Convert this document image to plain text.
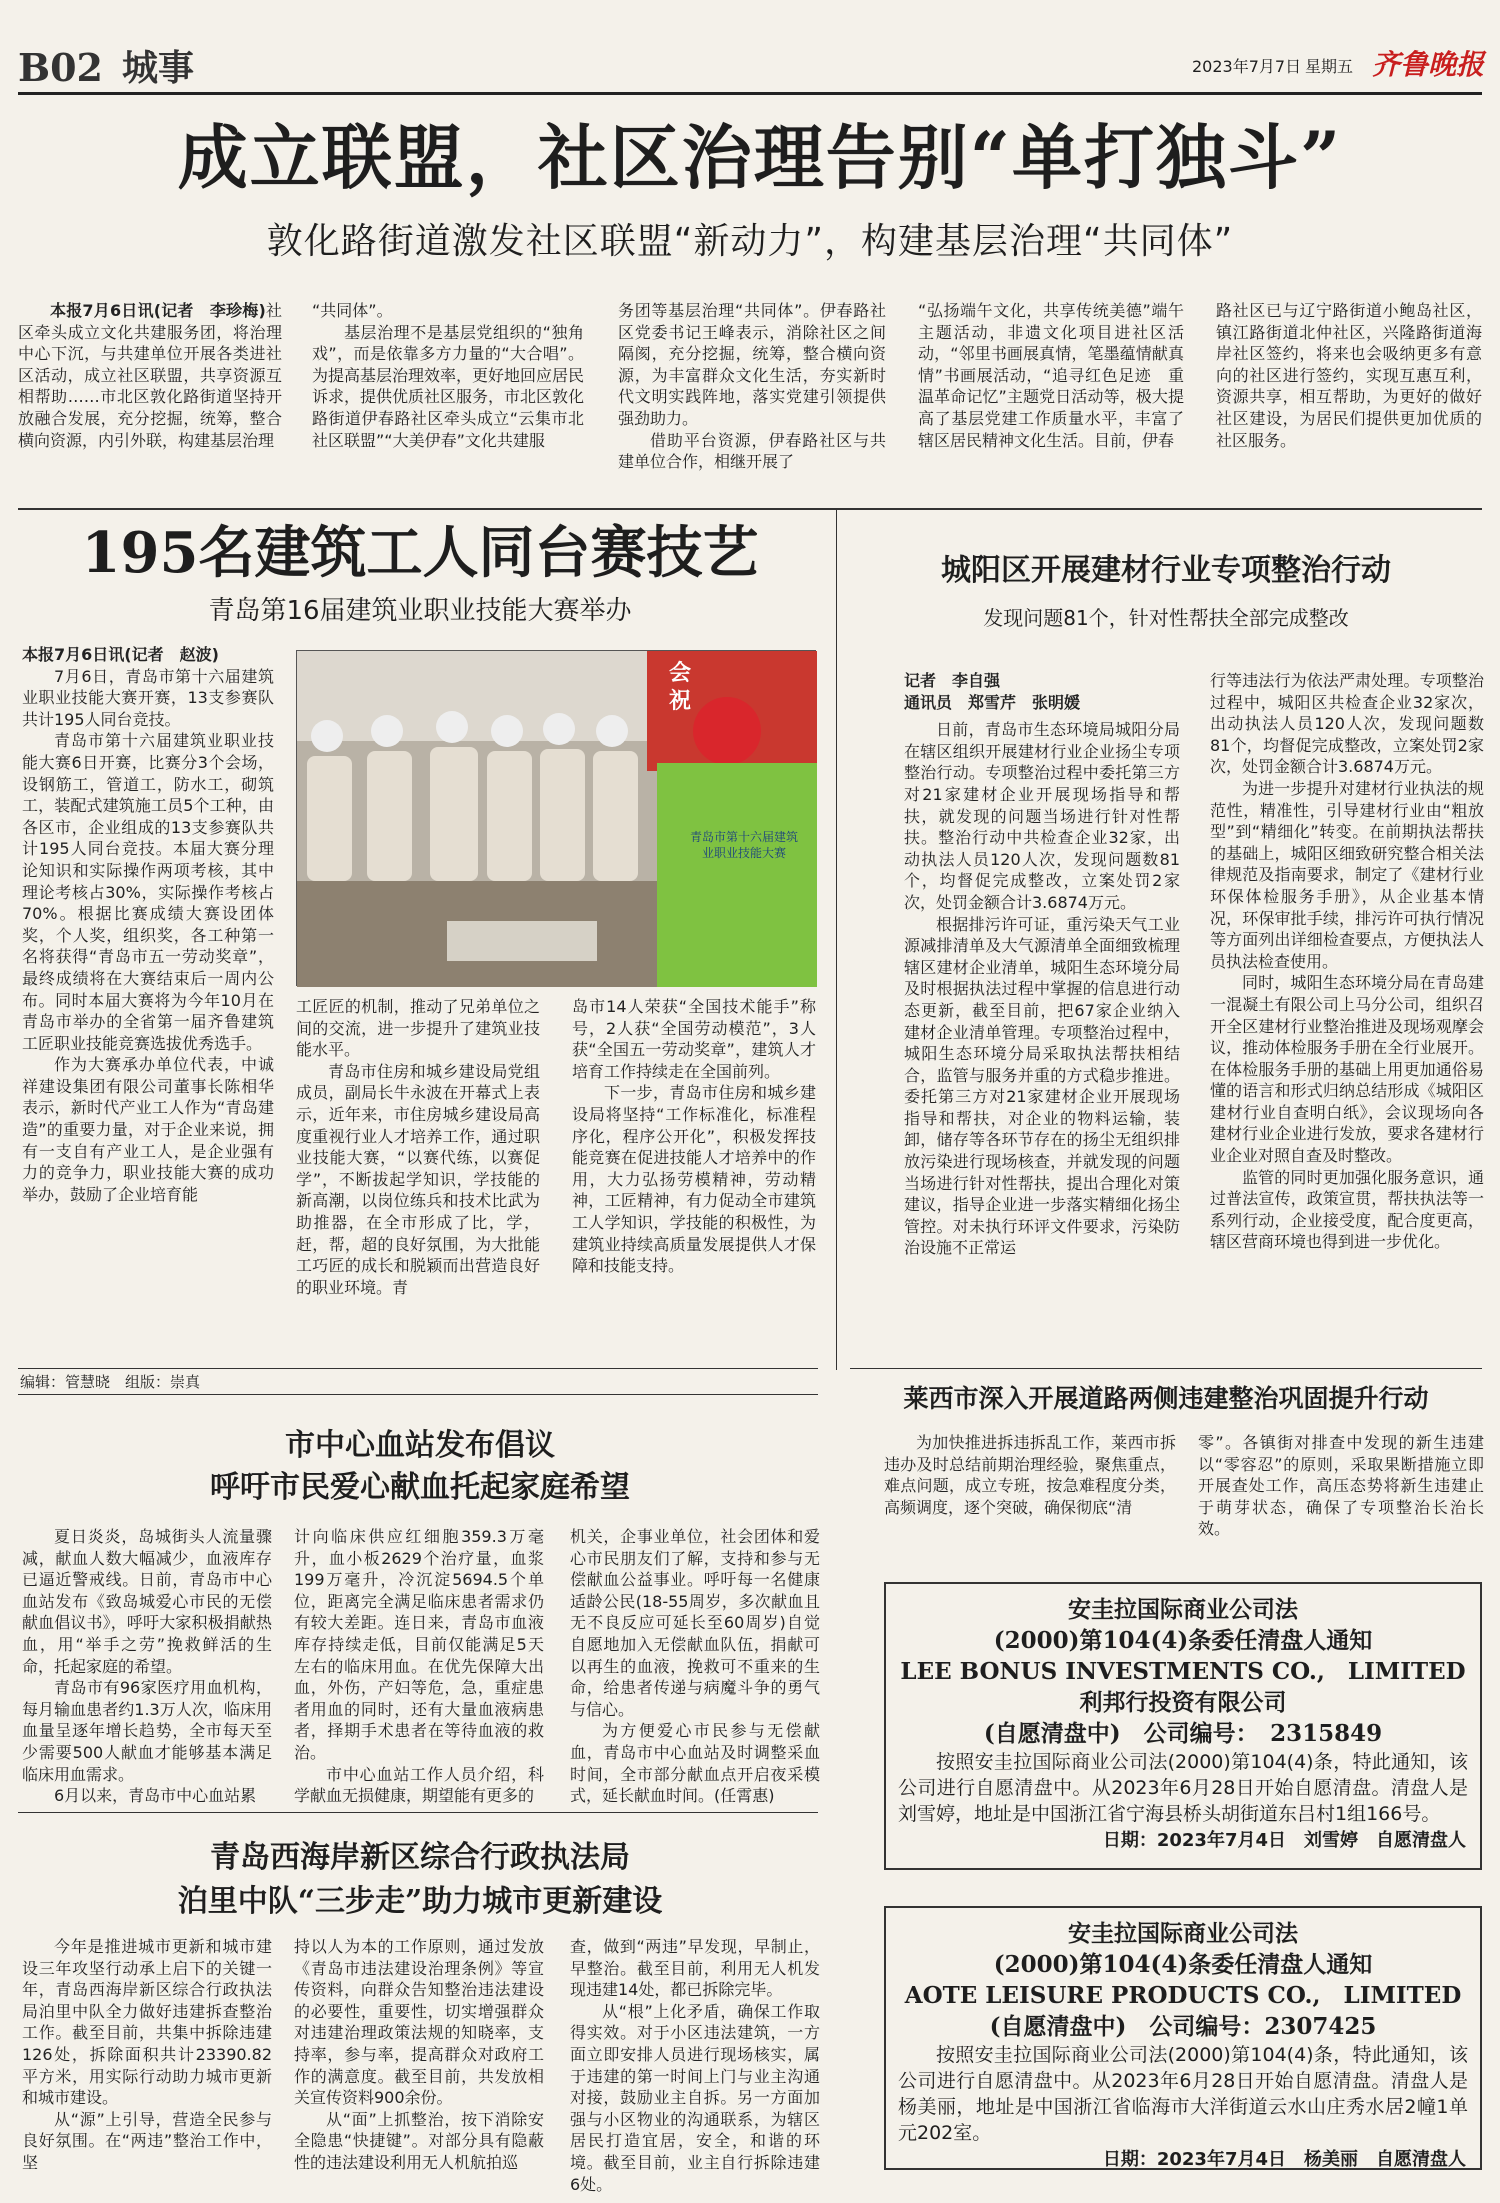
B02 城事	2023年7月7日 星期五 齐鲁晚报
成立联盟，社区治理告别“单打独斗”
敦化路街道激发社区联盟“新动力”，构建基层治理“共同体”

本报7月6日讯(记者　李珍梅)社区牵头成立文化共建服务团，将治理中心下沉，与共建单位开展各类进社区活动，成立社区联盟，共享资源互相帮助……市北区敦化路街道坚持开放融合发展，充分挖掘，统筹，整合横向资源，内引外联，构建基层治理

“共同体”。

基层治理不是基层党组织的“独角戏”，而是依靠多方力量的“大合唱”。为提高基层治理效率，更好地回应居民诉求，提供优质社区服务，市北区敦化路街道伊春路社区牵头成立“云集市北社区联盟”“大美伊春”文化共建服

务团等基层治理“共同体”。伊春路社区党委书记王峰表示，消除社区之间隔阂，充分挖掘，统筹，整合横向资源，为丰富群众文化生活，夯实新时代文明实践阵地，落实党建引领提供强劲助力。

借助平台资源，伊春路社区与共建单位合作，相继开展了

“弘扬端午文化，共享传统美德”端午主题活动，非遗文化项目进社区活动，“邻里书画展真情，笔墨蕴情献真情”书画展活动，“追寻红色足迹　重温革命记忆”主题党日活动等，极大提高了基层党建工作质量水平，丰富了辖区居民精神文化生活。目前，伊春
路社区已与辽宁路街道小鲍岛社区，镇江路街道北仲社区，兴隆路街道海岸社区签约，将来也会吸纳更多有意向的社区进行签约，实现互惠互利，资源共享，相互帮助，为更好的做好社区建设，为居民们提供更加优质的社区服务。
195名建筑工人同台赛技艺
青岛第16届建筑业职业技能大赛举办
本报7月6日讯(记者　赵波)

7月6日，青岛市第十六届建筑业职业技能大赛开赛，13支参赛队共计195人同台竞技。

青岛市第十六届建筑业职业技能大赛6日开赛，比赛分3个会场，设钢筋工，管道工，防水工，砌筑工，装配式建筑施工员5个工种，由各区市，企业组成的13支参赛队共计195人同台竞技。本届大赛分理论知识和实际操作两项考核，其中理论考核占30%，实际操作考核占70%。根据比赛成绩大赛设团体奖，个人奖，组织奖，各工种第一名将获得“青岛市五一劳动奖章”，最终成绩将在大赛结束后一周内公布。同时本届大赛将为今年10月在青岛市举办的全省第一届齐鲁建筑工匠职业技能竞赛选拔优秀选手。

作为大赛承办单位代表，中诚祥建设集团有限公司董事长陈相华表示，新时代产业工人作为“青岛建造”的重要力量，对于企业来说，拥有一支自有产业工人，是企业强有力的竞争力，职业技能大赛的成功举办，鼓励了企业培育能

会　祝
青岛市第十六届建筑业职业技能大赛
工匠匠的机制，推动了兄弟单位之间的交流，进一步提升了建筑业技能水平。

青岛市住房和城乡建设局党组成员，副局长牛永波在开幕式上表示，近年来，市住房城乡建设局高度重视行业人才培养工作，通过职业技能大赛，“以赛代练，以赛促学”，不断拔起学知识，学技能的新高潮，以岗位练兵和技术比武为助推器，在全市形成了比，学，赶，帮，超的良好氛围，为大批能工巧匠的成长和脱颖而出营造良好的职业环境。青

岛市14人荣获“全国技术能手”称号，2人获“全国劳动模范”，3人获“全国五一劳动奖章”，建筑人才培育工作持续走在全国前列。

下一步，青岛市住房和城乡建设局将坚持“工作标准化，标准程序化，程序公开化”，积极发挥技能竞赛在促进技能人才培养中的作用，大力弘扬劳模精神，劳动精神，工匠精神，有力促动全市建筑工人学知识，学技能的积极性，为建筑业持续高质量发展提供人才保障和技能支持。

编辑：管慧晓　组版：崇真
城阳区开展建材行业专项整治行动
发现问题81个，针对性帮扶全部完成整改
记者　李自强
通讯员　郑雪芹　张明媛

日前，青岛市生态环境局城阳分局在辖区组织开展建材行业企业扬尘专项整治行动。专项整治过程中委托第三方对21家建材企业开展现场指导和帮扶，就发现的问题当场进行针对性帮扶。整治行动中共检查企业32家，出动执法人员120人次，发现问题数81个，均督促完成整改，立案处罚2家次，处罚金额合计3.6874万元。

根据排污许可证，重污染天气工业源减排清单及大气源清单全面细致梳理辖区建材企业清单，城阳生态环境分局及时根据执法过程中掌握的信息进行动态更新，截至目前，把67家企业纳入建材企业清单管理。专项整治过程中，城阳生态环境分局采取执法帮扶相结合，监管与服务并重的方式稳步推进。委托第三方对21家建材企业开展现场指导和帮扶，对企业的物料运输，装卸，储存等各环节存在的扬尘无组织排放污染进行现场核查，并就发现的问题当场进行针对性帮扶，提出合理化对策建议，指导企业进一步落实精细化扬尘管控。对未执行环评文件要求，污染防治设施不正常运

行等违法行为依法严肃处理。专项整治过程中，城阳区共检查企业32家次，出动执法人员120人次，发现问题数81个，均督促完成整改，立案处罚2家次，处罚金额合计3.6874万元。

为进一步提升对建材行业执法的规范性，精准性，引导建材行业由“粗放型”到“精细化”转变。在前期执法帮扶的基础上，城阳区细致研究整合相关法律规范及指南要求，制定了《建材行业环保体检服务手册》，从企业基本情况，环保审批手续，排污许可执行情况等方面列出详细检查要点，方便执法人员执法检查使用。

同时，城阳生态环境分局在青岛建一混凝土有限公司上马分公司，组织召开全区建材行业整治推进及现场观摩会议，推动体检服务手册在全行业展开。在体检服务手册的基础上用更加通俗易懂的语言和形式归纳总结形成《城阳区建材行业自查明白纸》，会议现场向各建材行业企业进行发放，要求各建材行业企业对照自查及时整改。

监管的同时更加强化服务意识，通过普法宣传，政策宣贯，帮扶执法等一系列行动，企业接受度，配合度更高，辖区营商环境也得到进一步优化。

莱西市深入开展道路两侧违建整治巩固提升行动

为加快推进拆违拆乱工作，莱西市拆违办及时总结前期治理经验，聚焦重点，难点问题，成立专班，按急难程度分类，高频调度，逐个突破，确保彻底“清

零”。各镇街对排查中发现的新生违建以“零容忍”的原则，采取果断措施立即开展查处工作，高压态势将新生违建止于萌芽状态，确保了专项整治长治长效。
市中心血站发布倡议
呼吁市民爱心献血托起家庭希望

夏日炎炎，岛城街头人流量骤减，献血人数大幅减少，血液库存已逼近警戒线。日前，青岛市中心血站发布《致岛城爱心市民的无偿献血倡议书》，呼吁大家积极捐献热血，用“举手之劳”挽救鲜活的生命，托起家庭的希望。

青岛市有96家医疗用血机构，每月输血患者约1.3万人次，临床用血量呈逐年增长趋势，全市每天至少需要500人献血才能够基本满足临床用血需求。

6月以来，青岛市中心血站累

计向临床供应红细胞359.3万毫升，血小板2629个治疗量，血浆199万毫升，冷沉淀5694.5个单位，距离完全满足临床患者需求仍有较大差距。连日来，青岛市血液库存持续走低，目前仅能满足5天左右的临床用血。在优先保障大出血，外伤，产妇等危，急，重症患者用血的同时，还有大量血液病患者，择期手术患者在等待血液的救治。

市中心血站工作人员介绍，科学献血无损健康，期望能有更多的

机关，企事业单位，社会团体和爱心市民朋友们了解，支持和参与无偿献血公益事业。呼吁每一名健康适龄公民(18-55周岁，多次献血且无不良反应可延长至60周岁)自觉自愿地加入无偿献血队伍，捐献可以再生的血液，挽救可不重来的生命，给患者传递与病魔斗争的勇气与信心。

为方便爱心市民参与无偿献血，青岛市中心血站及时调整采血时间，全市部分献血点开启夜采模式，延长献血时间。(任霄惠)

青岛西海岸新区综合行政执法局
泊里中队“三步走”助力城市更新建设

今年是推进城市更新和城市建设三年攻坚行动承上启下的关键一年，青岛西海岸新区综合行政执法局泊里中队全力做好违建拆查整治工作。截至目前，共集中拆除违建126处，拆除面积共计23390.82平方米，用实际行动助力城市更新和城市建设。

从“源”上引导，营造全民参与良好氛围。在“两违”整治工作中，坚

持以人为本的工作原则，通过发放《青岛市违法建设治理条例》等宣传资料，向群众告知整治违法建设的必要性，重要性，切实增强群众对违建治理政策法规的知晓率，支持率，参与率，提高群众对政府工作的满意度。截至目前，共发放相关宣传资料900余份。

从“面”上抓整治，按下消除安全隐患“快捷键”。对部分具有隐蔽性的违法建设利用无人机航拍巡

查，做到“两违”早发现，早制止，早整治。截至目前，利用无人机发现违建14处，都已拆除完毕。

从“根”上化矛盾，确保工作取得实效。对于小区违法建筑，一方面立即安排人员进行现场核实，属于违建的第一时间上门与业主沟通对接，鼓励业主自拆。另一方面加强与小区物业的沟通联系，为辖区居民打造宜居，安全，和谐的环境。截至目前，业主自行拆除违建6处。

安圭拉国际商业公司法
(2000)第104(4)条委任清盘人通知
LEE BONUS INVESTMENTS CO.,　LIMITED
利邦行投资有限公司
(自愿清盘中)　公司编号：　2315849
按照安圭拉国际商业公司法(2000)第104(4)条，特此通知，该公司进行自愿清盘中。从2023年6月28日开始自愿清盘。清盘人是刘雪婷，地址是中国浙江省宁海县桥头胡街道东吕村1组166号。
日期：2023年7月4日　刘雪婷　自愿清盘人
安圭拉国际商业公司法
(2000)第104(4)条委任清盘人通知
AOTE LEISURE PRODUCTS CO.,　LIMITED
(自愿清盘中)　公司编号：2307425
按照安圭拉国际商业公司法(2000)第104(4)条，特此通知，该公司进行自愿清盘中。从2023年6月28日开始自愿清盘。清盘人是杨美丽，地址是中国浙江省临海市大洋街道云水山庄秀水居2幢1单元202室。
日期：2023年7月4日　杨美丽　自愿清盘人
